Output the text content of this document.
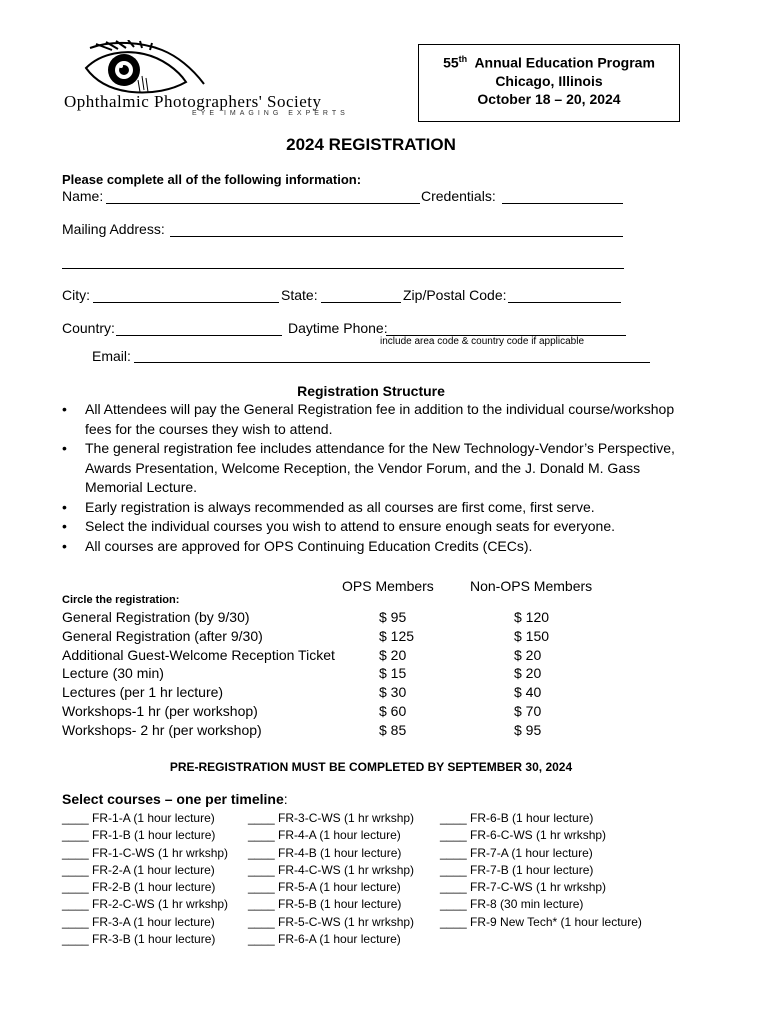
Ophthalmic Photographers' Society
EYE IMAGING EXPERTS
55th Annual Education Program
Chicago, Illinois
October 18 – 20, 2024
2024 REGISTRATION
Please complete all of the following information:
Name:	Credentials:
Mailing Address:
City:	State:	Zip/Postal Code:
Country:	Daytime Phone:
include area code & country code if applicable
Email:
Registration Structure
• All Attendees will pay the General Registration fee in addition to the individual course/workshop fees for the courses they wish to attend.
• The general registration fee includes attendance for the New Technology-Vendor’s Perspective, Awards Presentation, Welcome Reception, the Vendor Forum, and the J. Donald M. Gass Memorial Lecture.
• Early registration is always recommended as all courses are first come, first serve.
• Select the individual courses you wish to attend to ensure enough seats for everyone.
• All courses are approved for OPS Continuing Education Credits (CECs).
OPS Members	Non-OPS Members
Circle the registration:
General Registration (by 9/30)	$ 95	$ 120
General Registration (after 9/30)	$ 125	$ 150
Additional Guest-Welcome Reception Ticket	$ 20	$ 20
Lecture (30 min)	$ 15	$ 20
Lectures (per 1 hr lecture)	$ 30	$ 40
Workshops-1 hr (per workshop)	$ 60	$ 70
Workshops- 2 hr (per workshop)	$ 85	$ 95
PRE-REGISTRATION MUST BE COMPLETED BY SEPTEMBER 30, 2024
Select courses – one per timeline:
____ FR-1-A (1 hour lecture)
____ FR-1-B (1 hour lecture)
____ FR-1-C-WS (1 hr wrkshp)
____ FR-2-A (1 hour lecture)
____ FR-2-B (1 hour lecture)
____ FR-2-C-WS (1 hr wrkshp)
____ FR-3-A (1 hour lecture)
____ FR-3-B (1 hour lecture)
____ FR-3-C-WS (1 hr wrkshp)
____ FR-4-A (1 hour lecture)
____ FR-4-B (1 hour lecture)
____ FR-4-C-WS (1 hr wrkshp)
____ FR-5-A (1 hour lecture)
____ FR-5-B (1 hour lecture)
____ FR-5-C-WS (1 hr wrkshp)
____ FR-6-A (1 hour lecture)
____ FR-6-B (1 hour lecture)
____ FR-6-C-WS (1 hr wrkshp)
____ FR-7-A (1 hour lecture)
____ FR-7-B (1 hour lecture)
____ FR-7-C-WS (1 hr wrkshp)
____ FR-8 (30 min lecture)
____ FR-9 New Tech* (1 hour lecture)
